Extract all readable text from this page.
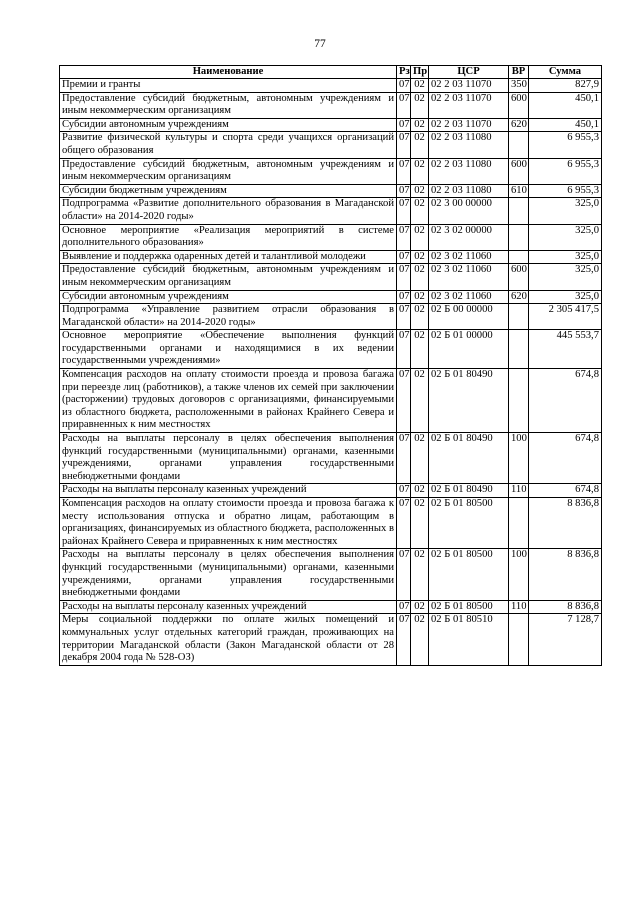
77
Наименование	Рз	Пр	ЦСР	ВР	Сумма
Премии и гранты	07	02	02 2 03 11070	350	827,9
Предоставление субсидий бюджетным, автономным учреждениям и иным некоммерческим организациям	07	02	02 2 03 11070	600	450,1
Субсидии автономным учреждениям	07	02	02 2 03 11070	620	450,1
Развитие физической культуры и спорта среди учащихся организаций общего образования	07	02	02 2 03 11080		6 955,3
Предоставление субсидий бюджетным, автономным учреждениям и иным некоммерческим организациям	07	02	02 2 03 11080	600	6 955,3
Субсидии бюджетным учреждениям	07	02	02 2 03 11080	610	6 955,3
Подпрограмма «Развитие дополнительного образования в Магаданской области» на 2014-2020 годы»	07	02	02 3 00 00000		325,0
Основное мероприятие «Реализация мероприятий в системе дополнительного образования»	07	02	02 3 02 00000		325,0
Выявление и поддержка одаренных детей и талантливой молодежи	07	02	02 3 02 11060		325,0
Предоставление субсидий бюджетным, автономным учреждениям и иным некоммерческим организациям	07	02	02 3 02 11060	600	325,0
Субсидии автономным учреждениям	07	02	02 3 02 11060	620	325,0
Подпрограмма «Управление развитием отрасли образования в Магаданской области» на 2014-2020 годы»	07	02	02 Б 00 00000		2 305 417,5
Основное мероприятие «Обеспечение выполнения функций государственными органами и находящимися в их ведении государственными учреждениями»	07	02	02 Б 01 00000		445 553,7
Компенсация расходов на оплату стоимости проезда и провоза багажа при переезде лиц (работников), а также членов их семей при заключении (расторжении) трудовых договоров с организациями, финансируемыми из областного бюджета, расположенными в районах Крайнего Севера и приравненных к ним местностях	07	02	02 Б 01 80490		674,8
Расходы на выплаты персоналу в целях обеспечения выполнения функций государственными (муниципальными) органами, казенными учреждениями, органами управления государственными внебюджетными фондами	07	02	02 Б 01 80490	100	674,8
Расходы на выплаты персоналу казенных учреждений	07	02	02 Б 01 80490	110	674,8
Компенсация расходов на оплату стоимости проезда и провоза багажа к месту использования отпуска и обратно лицам, работающим в организациях, финансируемых из областного бюджета, расположенных в районах Крайнего Севера и приравненных к ним местностях	07	02	02 Б 01 80500		8 836,8
Расходы на выплаты персоналу в целях обеспечения выполнения функций государственными (муниципальными) органами, казенными учреждениями, органами управления государственными внебюджетными фондами	07	02	02 Б 01 80500	100	8 836,8
Расходы на выплаты персоналу казенных учреждений	07	02	02 Б 01 80500	110	8 836,8
Меры социальной поддержки по оплате жилых помещений и коммунальных услуг отдельных категорий граждан, проживающих на территории Магаданской области (Закон Магаданской области от 28 декабря 2004 года № 528-ОЗ)	07	02	02 Б 01 80510		7 128,7
